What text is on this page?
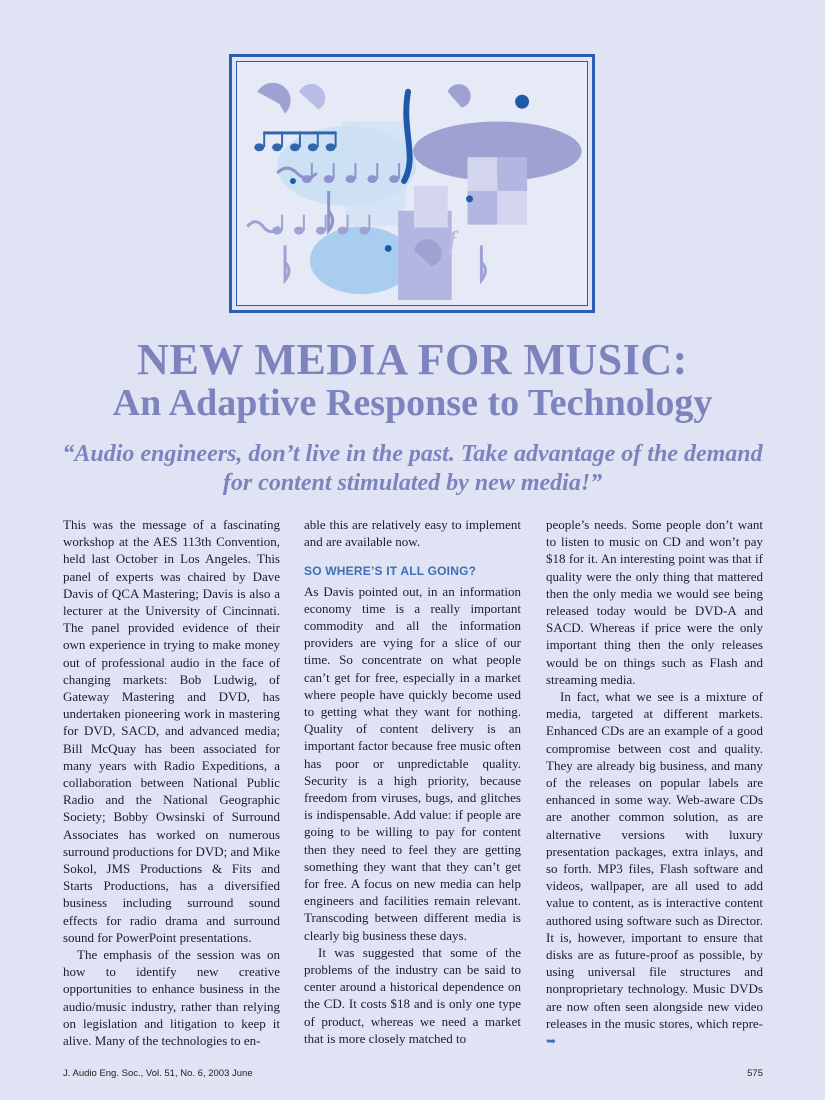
f
NEW MEDIA FOR MUSIC:
An Adaptive Response to Technology

“Audio engineers, don’t live in the past. Take advantage of the demand for content stimulated by new media!”

This was the message of a fascinating workshop at the AES 113th Convention, held last October in Los Angeles. This panel of experts was chaired by Dave Davis of QCA Mastering; Davis is also a lecturer at the University of Cincinnati. The panel provided evidence of their own experience in trying to make money out of professional audio in the face of changing markets: Bob Ludwig, of Gateway Mastering and DVD, has undertaken pioneering work in mastering for DVD, SACD, and advanced media; Bill McQuay has been associated for many years with Radio Expeditions, a collaboration between National Public Radio and the National Geographic Society; Bobby Owsinski of Surround Associates has worked on numerous surround productions for DVD; and Mike Sokol, JMS Productions & Fits and Starts Productions, has a diversified business including surround sound effects for radio drama and surround sound for PowerPoint presentations.

The emphasis of the session was on how to identify new creative opportunities to enhance business in the audio/music industry, rather than relying on legislation and litigation to keep it alive. Many of the technologies to en-

able this are relatively easy to implement and are available now.

SO WHERE’S IT ALL GOING?

As Davis pointed out, in an information economy time is a really important commodity and all the information providers are vying for a slice of our time. So concentrate on what people can’t get for free, especially in a market where people have quickly become used to getting what they want for nothing. Quality of content delivery is an important factor because free music often has poor or unpredictable quality. Security is a high priority, because freedom from viruses, bugs, and glitches is indispensable. Add value: if people are going to be willing to pay for content then they need to feel they are getting something they want that they can’t get for free. A focus on new media can help engineers and facilities remain relevant. Transcoding between different media is clearly big business these days.

It was suggested that some of the problems of the industry can be said to center around a historical dependence on the CD. It costs $18 and is only one type of product, whereas we need a market that is more closely matched to

people’s needs. Some people don’t want to listen to music on CD and won’t pay $18 for it. An interesting point was that if quality were the only thing that mattered then the only media we would see being released today would be DVD-A and SACD. Whereas if price were the only important thing then the only releases would be on things such as Flash and streaming media.

In fact, what we see is a mixture of media, targeted at different markets. Enhanced CDs are an example of a good compromise between cost and quality. They are already big business, and many of the releases on popular labels are enhanced in some way. Web-aware CDs are another common solution, as are alternative versions with luxury presentation packages, extra inlays, and so forth. MP3 files, Flash software and videos, wallpaper, are all used to add value to content, as is interactive content authored using software such as Director. It is, however, important to ensure that disks are as future-proof as possible, by using universal file structures and nonproprietary technology. Music DVDs are now often seen alongside new video releases in the music stores, which repre- ➥

J. Audio Eng. Soc., Vol. 51, No. 6, 2003 June	575
